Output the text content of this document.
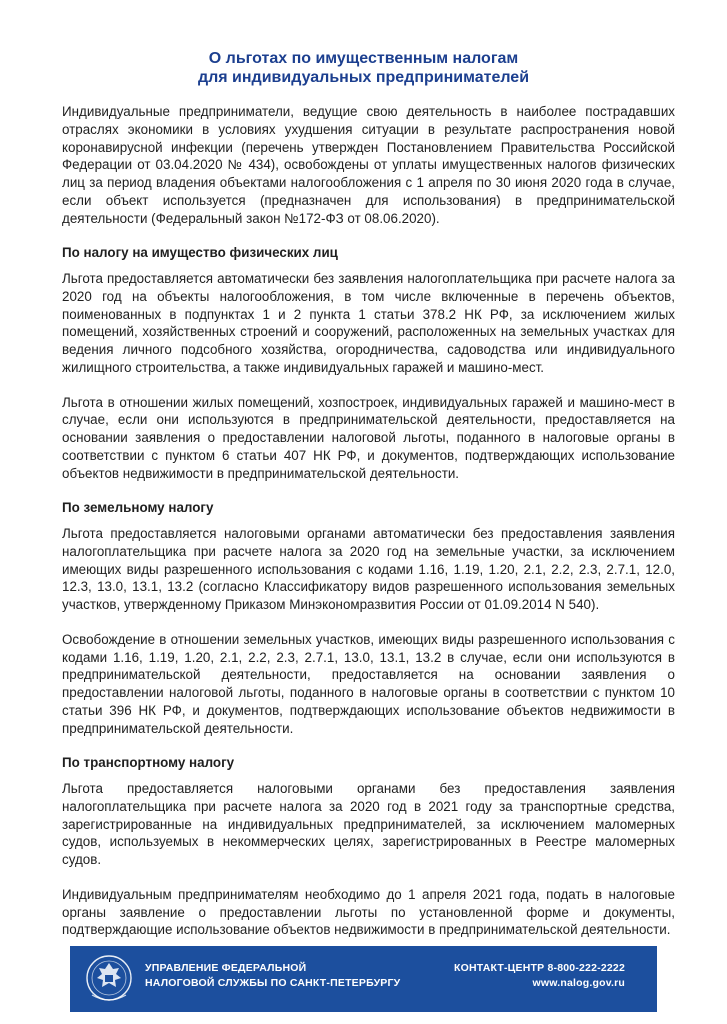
О льготах по имущественным налогам
для индивидуальных предпринимателей

Индивидуальные предприниматели, ведущие свою деятельность в наиболее пострадавших отраслях экономики в условиях ухудшения ситуации в результате распространения новой коронавирусной инфекции (перечень утвержден Постановлением Правительства Российской Федерации от 03.04.2020 № 434), освобождены от уплаты имущественных налогов физических лиц за период владения объектами налогообложения с 1 апреля по 30 июня 2020 года в случае, если объект используется (предназначен для использования) в предпринимательской деятельности (Федеральный закон №172-ФЗ от 08.06.2020).

По налогу на имущество физических лиц

Льгота предоставляется автоматически без заявления налогоплательщика при расчете налога за 2020 год на объекты налогообложения, в том числе включенные в перечень объектов, поименованных в подпунктах 1 и 2 пункта 1 статьи 378.2 НК РФ, за исключением жилых помещений, хозяйственных строений и сооружений, расположенных на земельных участках для ведения личного подсобного хозяйства, огородничества, садоводства или индивидуального жилищного строительства, а также индивидуальных гаражей и машино-мест.

Льгота в отношении жилых помещений, хозпостроек, индивидуальных гаражей и машино-мест в случае, если они используются в предпринимательской деятельности, предоставляется на основании заявления о предоставлении налоговой льготы, поданного в налоговые органы в соответствии с пунктом 6 статьи 407 НК РФ, и документов, подтверждающих использование объектов недвижимости в предпринимательской деятельности.

По земельному налогу

Льгота предоставляется налоговыми органами автоматически без предоставления заявления налогоплательщика при расчете налога за 2020 год на земельные участки, за исключением имеющих виды разрешенного использования с кодами 1.16, 1.19, 1.20, 2.1, 2.2, 2.3, 2.7.1, 12.0, 12.3, 13.0, 13.1, 13.2 (согласно Классификатору видов разрешенного использования земельных участков, утвержденному Приказом Минэкономразвития России от 01.09.2014 N 540).

Освобождение в отношении земельных участков, имеющих виды разрешенного использования с кодами 1.16, 1.19, 1.20, 2.1, 2.2, 2.3, 2.7.1, 13.0, 13.1, 13.2 в случае, если они используются в предпринимательской деятельности, предоставляется на основании заявления о предоставлении налоговой льготы, поданного в налоговые органы в соответствии с пунктом 10 статьи 396 НК РФ, и документов, подтверждающих использование объектов недвижимости в предпринимательской деятельности.

По транспортному налогу

Льгота предоставляется налоговыми органами без предоставления заявления налогоплательщика при расчете налога за 2020 год в 2021 году за транспортные средства, зарегистрированные на индивидуальных предпринимателей, за исключением маломерных судов, используемых в некоммерческих целях, зарегистрированных в Реестре маломерных судов.

Индивидуальным предпринимателям необходимо до 1 апреля 2021 года, подать в налоговые органы заявление о предоставлении льготы по установленной форме и документы, подтверждающие использование объектов недвижимости в предпринимательской деятельности.

УПРАВЛЕНИЕ ФЕДЕРАЛЬНОЙ
НАЛОГОВОЙ СЛУЖБЫ ПО САНКТ-ПЕТЕРБУРГУ
КОНТАКТ-ЦЕНТР 8-800-222-2222
www.nalog.gov.ru
